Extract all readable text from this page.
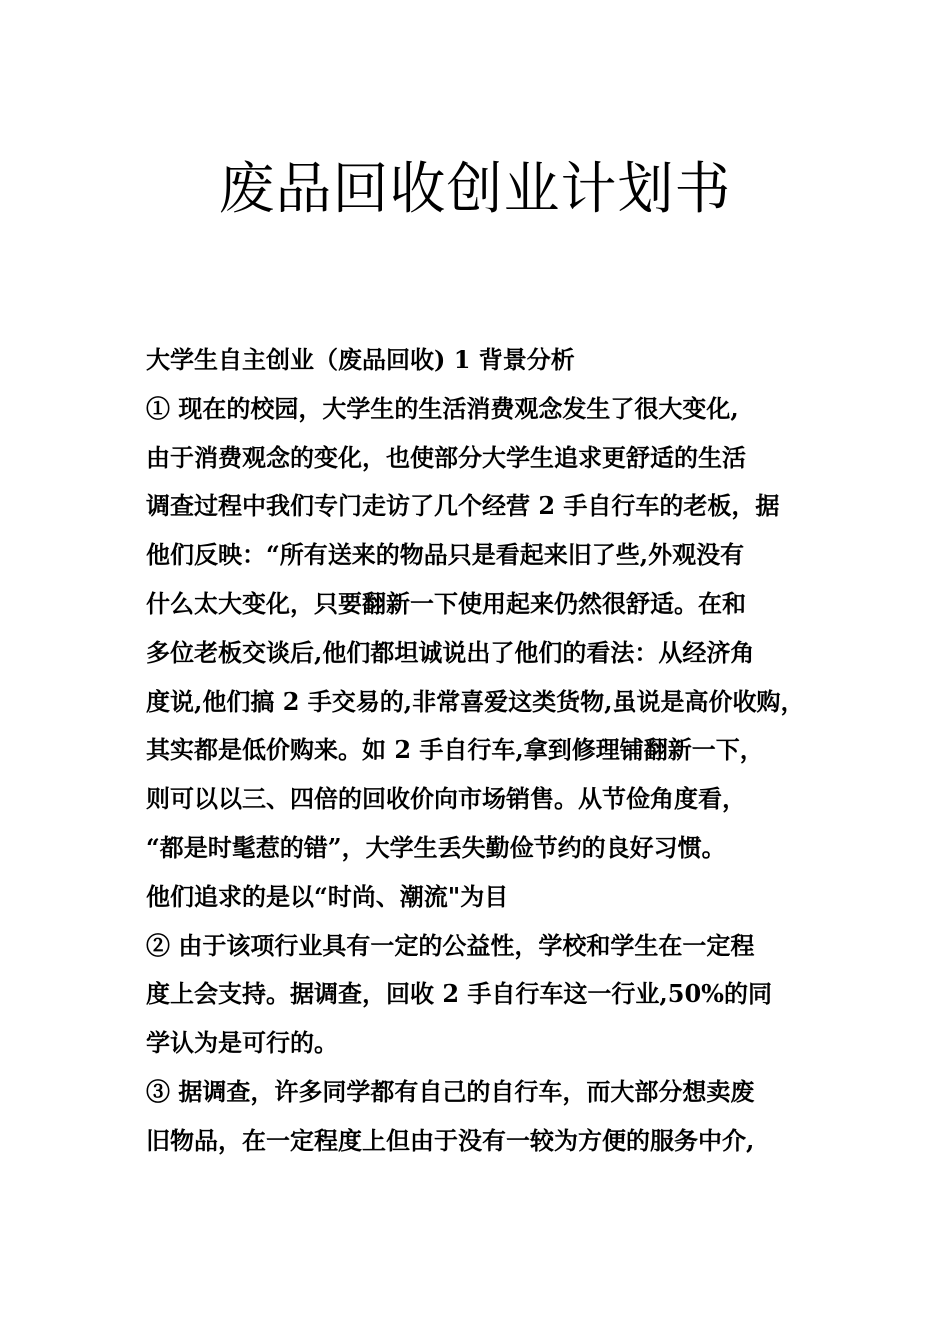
废品回收创业计划书
大学生自主创业（废品回收) 1 背景分析
① 现在的校园，大学生的生活消费观念发生了很大变化,
由于消费观念的变化，也使部分大学生追求更舒适的生活
调查过程中我们专门走访了几个经营 2 手自行车的老板，据
他们反映：“所有送来的物品只是看起来旧了些,外观没有
什么太大变化，只要翻新一下使用起来仍然很舒适。在和
多位老板交谈后,他们都坦诚说出了他们的看法：从经济角
度说,他们搞 2 手交易的,非常喜爱这类货物,虽说是高价收购，
其实都是低价购来。如 2 手自行车,拿到修理铺翻新一下，
则可以以三、四倍的回收价向市场销售。从节俭角度看，
“都是时髦惹的错”，大学生丢失勤俭节约的良好习惯。
他们追求的是以“时尚、潮流"为目
② 由于该项行业具有一定的公益性，学校和学生在一定程
度上会支持。据调查，回收 2 手自行车这一行业,50%的同
学认为是可行的。
③ 据调查，许多同学都有自己的自行车，而大部分想卖废
旧物品，在一定程度上但由于没有一较为方便的服务中介,
